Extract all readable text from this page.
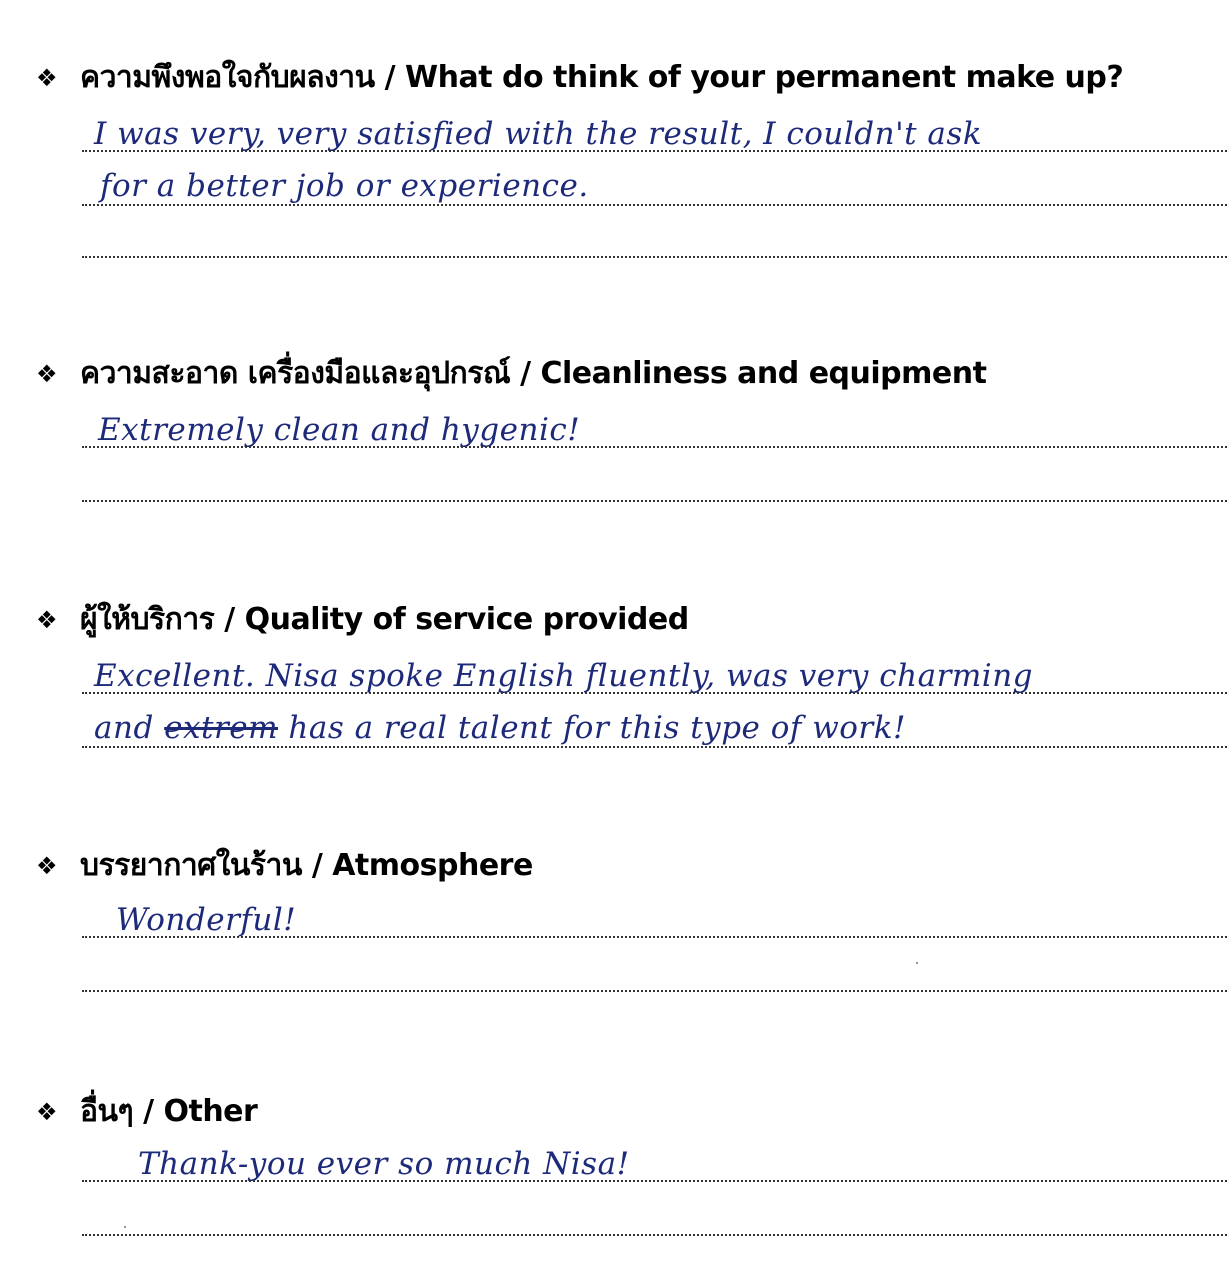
❖ ความพึงพอใจกับผลงาน / What do think of your permanent make up?
I was very, very satisfied with the result, I couldn't ask
for a better job or experience.
❖ ความสะอาด เครื่องมือและอุปกรณ์ / Cleanliness and equipment
Extremely clean and hygenic!
❖ ผู้ให้บริการ / Quality of service provided
Excellent. Nisa spoke English fluently, was very charming
and extrem has a real talent for this type of work!
❖ บรรยากาศในร้าน / Atmosphere
Wonderful!
❖ อื่นๆ / Other
Thank-you ever so much Nisa!
